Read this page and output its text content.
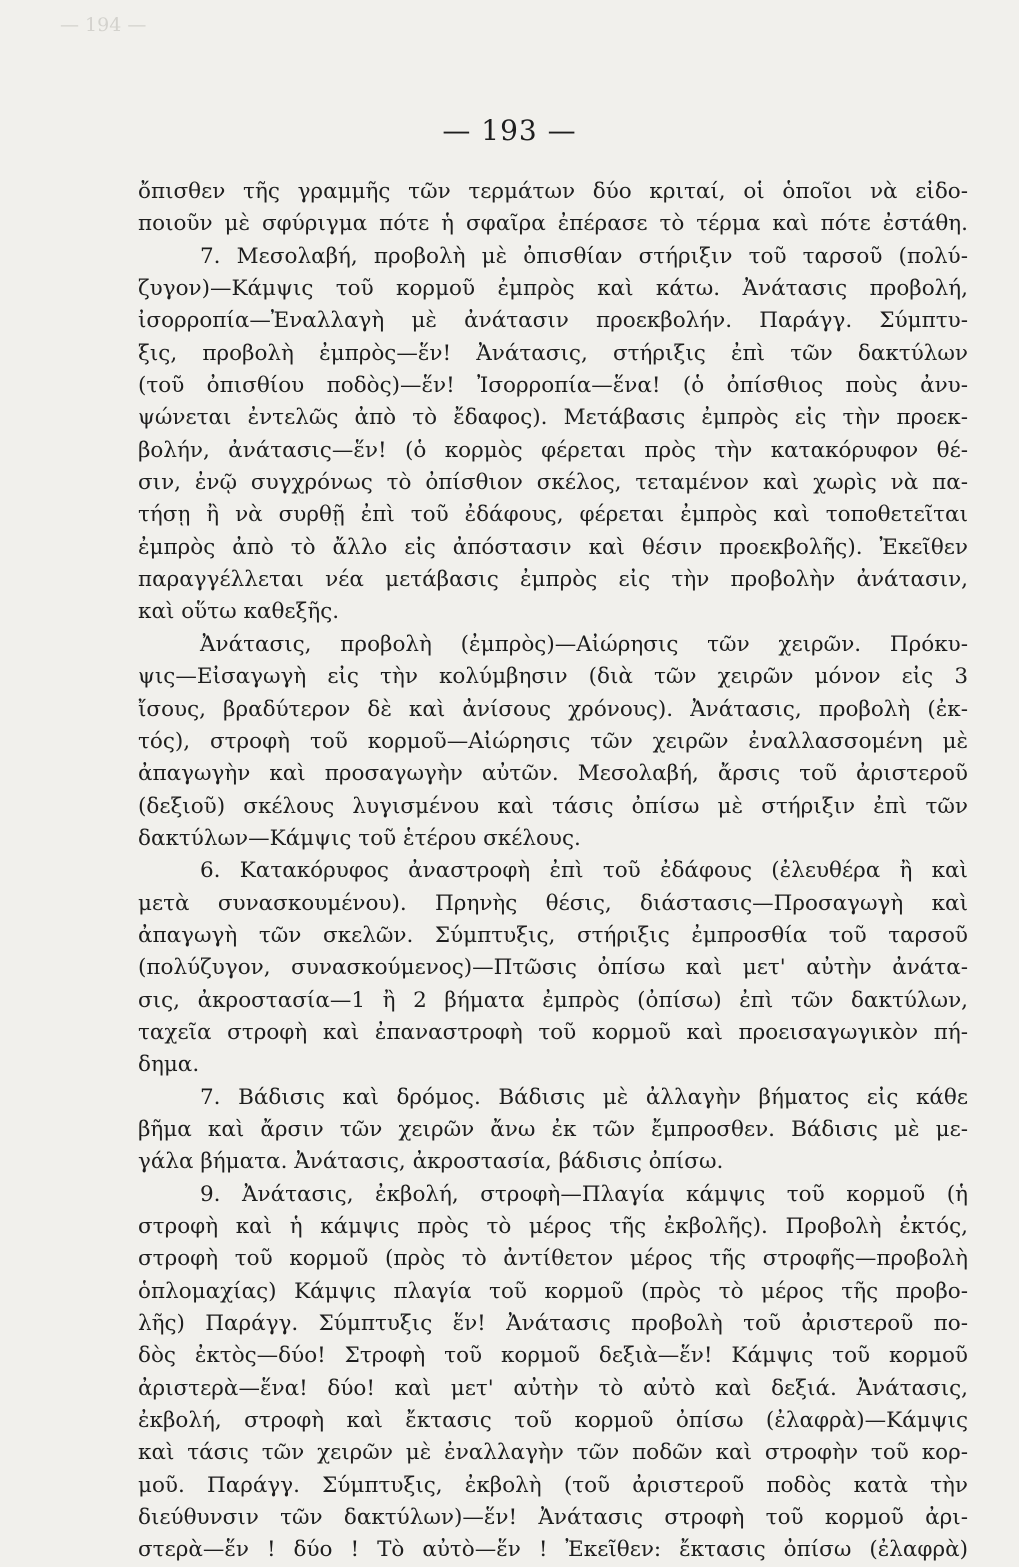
— 194 —
— 193 —
ὄπισθεν τῆς γραμμῆς τῶν τερμάτων δύο κριταί, οἱ ὁποῖοι νὰ εἰδο-
ποιοῦν μὲ σφύριγμα πότε ἡ σφαῖρα ἐπέρασε τὸ τέρμα καὶ πότε ἐστάθη.
7. Μεσολαβή, προβολὴ μὲ ὀπισθίαν στήριξιν τοῦ ταρσοῦ (πολύ-
ζυγον)—Κάμψις τοῦ κορμοῦ ἐμπρὸς καὶ κάτω. Ἀνάτασις προβολή,
ἰσορροπία—Ἐναλλαγὴ μὲ ἀνάτασιν προεκβολήν. Παράγγ. Σύμπτυ-
ξις, προβολὴ ἐμπρὸς—ἕν! Ἀνάτασις, στήριξις ἐπὶ τῶν δακτύλων
(τοῦ ὀπισθίου ποδὸς)—ἕν! Ἰσορροπία—ἕνα! (ὁ ὀπίσθιος ποὺς ἀνυ-
ψώνεται ἐντελῶς ἀπὸ τὸ ἔδαφος). Μετάβασις ἐμπρὸς εἰς τὴν προεκ-
βολήν, ἀνάτασις—ἕν! (ὁ κορμὸς φέρεται πρὸς τὴν κατακόρυφον θέ-
σιν, ἐνῷ συγχρόνως τὸ ὀπίσθιον σκέλος, τεταμένον καὶ χωρὶς νὰ πα-
τήσῃ ἢ νὰ συρθῇ ἐπὶ τοῦ ἐδάφους, φέρεται ἐμπρὸς καὶ τοποθετεῖται
ἐμπρὸς ἀπὸ τὸ ἄλλο εἰς ἀπόστασιν καὶ θέσιν προεκβολῆς). Ἐκεῖθεν
παραγγέλλεται νέα μετάβασις ἐμπρὸς εἰς τὴν προβολὴν ἀνάτασιν,
καὶ οὕτω καθεξῆς.
Ἀνάτασις, προβολὴ (ἐμπρὸς)—Αἰώρησις τῶν χειρῶν. Πρόκυ-
ψις—Εἰσαγωγὴ εἰς τὴν κολύμβησιν (διὰ τῶν χειρῶν μόνον εἰς 3
ἴσους, βραδύτερον δὲ καὶ ἀνίσους χρόνους). Ἀνάτασις, προβολὴ (ἐκ-
τός), στροφὴ τοῦ κορμοῦ—Αἰώρησις τῶν χειρῶν ἐναλλασσομένη μὲ
ἀπαγωγὴν καὶ προσαγωγὴν αὐτῶν. Μεσολαβή, ἄρσις τοῦ ἀριστεροῦ
(δεξιοῦ) σκέλους λυγισμένου καὶ τάσις ὀπίσω μὲ στήριξιν ἐπὶ τῶν
δακτύλων—Κάμψις τοῦ ἑτέρου σκέλους.
6. Κατακόρυφος ἀναστροφὴ ἐπὶ τοῦ ἐδάφους (ἐλευθέρα ἢ καὶ
μετὰ συνασκουμένου). Πρηνὴς θέσις, διάστασις—Προσαγωγὴ καὶ
ἀπαγωγὴ τῶν σκελῶν. Σύμπτυξις, στήριξις ἐμπροσθία τοῦ ταρσοῦ
(πολύζυγον, συνασκούμενος)—Πτῶσις ὀπίσω καὶ μετ' αὐτὴν ἀνάτα-
σις, ἀκροστασία—1 ἢ 2 βήματα ἐμπρὸς (ὀπίσω) ἐπὶ τῶν δακτύλων,
ταχεῖα στροφὴ καὶ ἐπαναστροφὴ τοῦ κορμοῦ καὶ προεισαγωγικὸν πή-
δημα.
7. Βάδισις καὶ δρόμος. Βάδισις μὲ ἀλλαγὴν βήματος εἰς κάθε
βῆμα καὶ ἄρσιν τῶν χειρῶν ἄνω ἐκ τῶν ἔμπροσθεν. Βάδισις μὲ με-
γάλα βήματα. Ἀνάτασις, ἀκροστασία, βάδισις ὀπίσω.
9. Ἀνάτασις, ἐκβολή, στροφὴ—Πλαγία κάμψις τοῦ κορμοῦ (ἡ
στροφὴ καὶ ἡ κάμψις πρὸς τὸ μέρος τῆς ἐκβολῆς). Προβολὴ ἐκτός,
στροφὴ τοῦ κορμοῦ (πρὸς τὸ ἀντίθετον μέρος τῆς στροφῆς—προβολὴ
ὁπλομαχίας) Κάμψις πλαγία τοῦ κορμοῦ (πρὸς τὸ μέρος τῆς προβο-
λῆς) Παράγγ. Σύμπτυξις ἕν! Ἀνάτασις προβολὴ τοῦ ἀριστεροῦ πο-
δὸς ἐκτὸς—δύο! Στροφὴ τοῦ κορμοῦ δεξιὰ—ἕν! Κάμψις τοῦ κορμοῦ
ἀριστερὰ—ἕνα! δύο! καὶ μετ' αὐτὴν τὸ αὐτὸ καὶ δεξιά. Ἀνάτασις,
ἐκβολή, στροφὴ καὶ ἔκτασις τοῦ κορμοῦ ὀπίσω (ἐλαφρὰ)—Κάμψις
καὶ τάσις τῶν χειρῶν μὲ ἐναλλαγὴν τῶν ποδῶν καὶ στροφὴν τοῦ κορ-
μοῦ. Παράγγ. Σύμπτυξις, ἐκβολὴ (τοῦ ἀριστεροῦ ποδὸς κατὰ τὴν
διεύθυνσιν τῶν δακτύλων)—ἕν! Ἀνάτασις στροφὴ τοῦ κορμοῦ ἀρι-
στερὰ—ἕν ! δύο ! Τὸ αὐτὸ—ἕν ! Ἐκεῖθεν: ἔκτασις ὀπίσω (ἐλαφρὰ)
